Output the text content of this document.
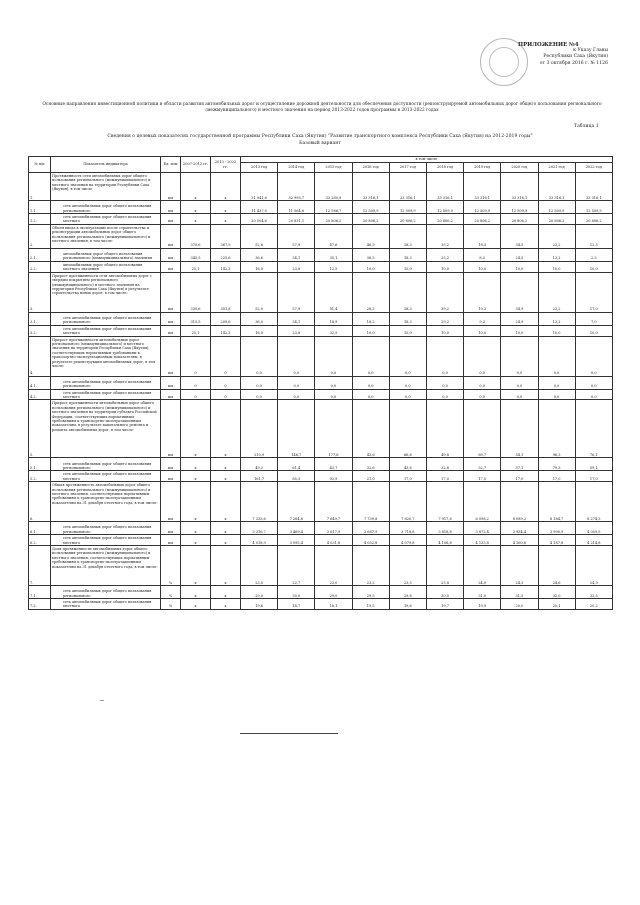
ПРИЛОЖЕНИЕ №4
к Указу Главы
Республики Саха (Якутия)
от 3 октября 2016 г. № 1126
Основные направления инвестиционной политики в области развития автомобильных дорог и осуществление дорожной деятельности для обеспечения доступности (реконструируемой автомобильных дорог общего пользования регионального (межмуниципального) и местного значения на период 2013-2022 годов программы в 2013-2022 годах
Таблица 1
Сведения о целевых показателях государственной программы Республики Саха (Якутия) "Развитие транспортного комплекса Республики Саха (Якутия) на 2012-2019 годы"
Базовый вариант
№ п/п	Показатель индикатора	Ед. изм	2007-2012 гг.	2013 - 2022 гг.	в том числе									
					2013 год	2014 год	2015 год	2016 год	2017 год	2018 год	2019 год	2020 год	2021 год	2022 год
1.	Протяженность сети автомобильных дорог общего пользования регионального (межмуниципального) и местного значения на территории Республики Саха (Якутия), в том числе	км	х	х	31 941,6	32 995,7	33 280,9	33 316,1	33 316,1	33 316,1	33 316,1	33 316,1	33 316,1	33 316,1
1.1.	сеть автомобильных дорог общего пользования регионального	км	х	х	11 437,0	11 564,6	12 586,7	12 509,9	12 509,9	12 509,9	12 509,9	12 509,9	12 509,9	12 509,9
1.2.	сеть автомобильных дорог общего пользования местного	км	х	х	20 504,6	20 831,1	20 806,2	20 806,2	20 806,2	20 806,2	20 806,2	20 806,2	20 806,2	20 806,2
2.	Объем ввода в эксплуатацию после строительства и реконструкции автомобильных дорог общего пользования регионального (межмуниципального) и местного значения, в том числе:	км	370,6	367,9	52,6	57,9	47,6	46,5	28,3	35,2	18,3	34,5	23,2	12,5
2.1.	автомобильных дорог общего пользования регионального (межмуниципального) значения	км	345,5	225,6	36,6	34,1	35,1	36,5	18,3	25,2	8,3	24,5	13,2	2,5
2.2.	автомобильных дорог общего пользования местного значения	км	25,1	142,3	16,0	23,8	12,5	10,0	10,0	10,0	10,0	10,0	10,0	10,0
3.	Прирост протяженности сети автомобильных дорог с твердым покрытием регионального (межмуниципального) и местного значения на территории Республики Саха (Якутия) в результате строительства новых дорог, в том числе:	км	330,6	351,8	52,0	57,9	51,4	28,2	28,3	39,2	19,3	34,9	23,2	17,0
3.1.	сеть автомобильных дорог общего пользования регионального	км	315,5	209,6	36,0	34,1	18,9	18,2	18,3	29,2	9,3	24,9	13,2	7,0
3.2.	сеть автомобильных дорог общего пользования местного	км	25,1	142,3	16,0	23,8	32,5	10,0	10,0	10,0	10,0	10,0	10,0	10,0
4.	Прирост протяженности автомобильных дорог регионального (межмуниципального) и местного значения на территории Республики Саха (Якутия), соответствующих нормативным требованиям к транспортно-эксплуатационным показателям, в результате реконструкции автомобильных дорог, в том числе:	км	0	0	0,0	0,0	0,0	0,0	0,0	0,0	0,0	0,0	0,0	0,0
4.1.	сеть автомобильных дорог общего пользования регионального	км	0	0	0,0	0,0	0,0	0,0	0,0	0,0	0,0	0,0	0,0	0,0
4.2.	сеть автомобильных дорог общего пользования местного	км	0	0	0,0	0,0	0,0	0,0	0,0	0,0	0,0	0,0	0,0	0,0
5.	Прирост протяженности автомобильных дорог общего пользования регионального (межмуниципального) и местного значения на территории субъекта Российской Федерации, соответствующих нормативным требованиям к транспортно-эксплуатационным показателям, в результате капитального ремонта и ремонта автомобильных дорог, в том числе:	км	х	х	210,9	146,7	177,6	43,6	66,6	49,8	69,7	54,1	96,3	76,1
5.1.	сеть автомобильных дорог общего пользования регионального	км	х	х	49,2	61,4	43,7	32,6	43,6	32,8	52,7	37,1	79,3	59,1
5.2.	сеть автомобильных дорог общего пользования местного	км	х	х	161,7	85,3	93,9	21,0	17,0	17,0	17,0	17,0	17,0	17,0
6.	Общая протяженность автомобильных дорог общего пользования регионального (межмуниципального) и местного значения, соответствующих нормативным требованиям к транспортно-эксплуатационным показателям на 31 декабря отчетного года, в том числе:	км	х	х	7 335,6	7 264,8	7 649,7	7 739,8	7 820,7	7 917,6	6 098,2	8 089,2	8 184,7	8 274,3
6.1.	сеть автомобильных дорог общего пользования регионального	км	х	х	3 316,7	3 469,4	3 617,9	3 687,9	3 718,8	3 818,8	3 872,4	3 934,4	3 990,9	4 059,5
6.2.	сеть автомобильных дорог общего пользования местного	км	х	х	4 018,9	3 995,4	4 031,8	4 052,8	4 079,8	4 106,8	4 133,8	4 160,8	4 187,8	4 214,8
7.	Доля протяженности автомобильных дорог общего пользования регионального (межмуниципального) и местного значения, соответствующих нормативным требованиям к транспортно-эксплуатационным показателям на 31 декабря отчетного года, в том числе:	%	х	х	23,0	22,7	23,0	23,2	23,5	23,8	24,0	24,3	24,6	24,9
7.1.	сеть автомобильных дорог общего пользования регионального	%	х	х	29,0	30,0	29,0	29,5	29,8	30,5	31,0	31,5	32,0	32,5
7.2.	сеть автомобильных дорог общего пользования местного	%	х	х	19,6	18,7	18,1	19,5	19,6	19,7	19,9	20,0	20,1	20,2
